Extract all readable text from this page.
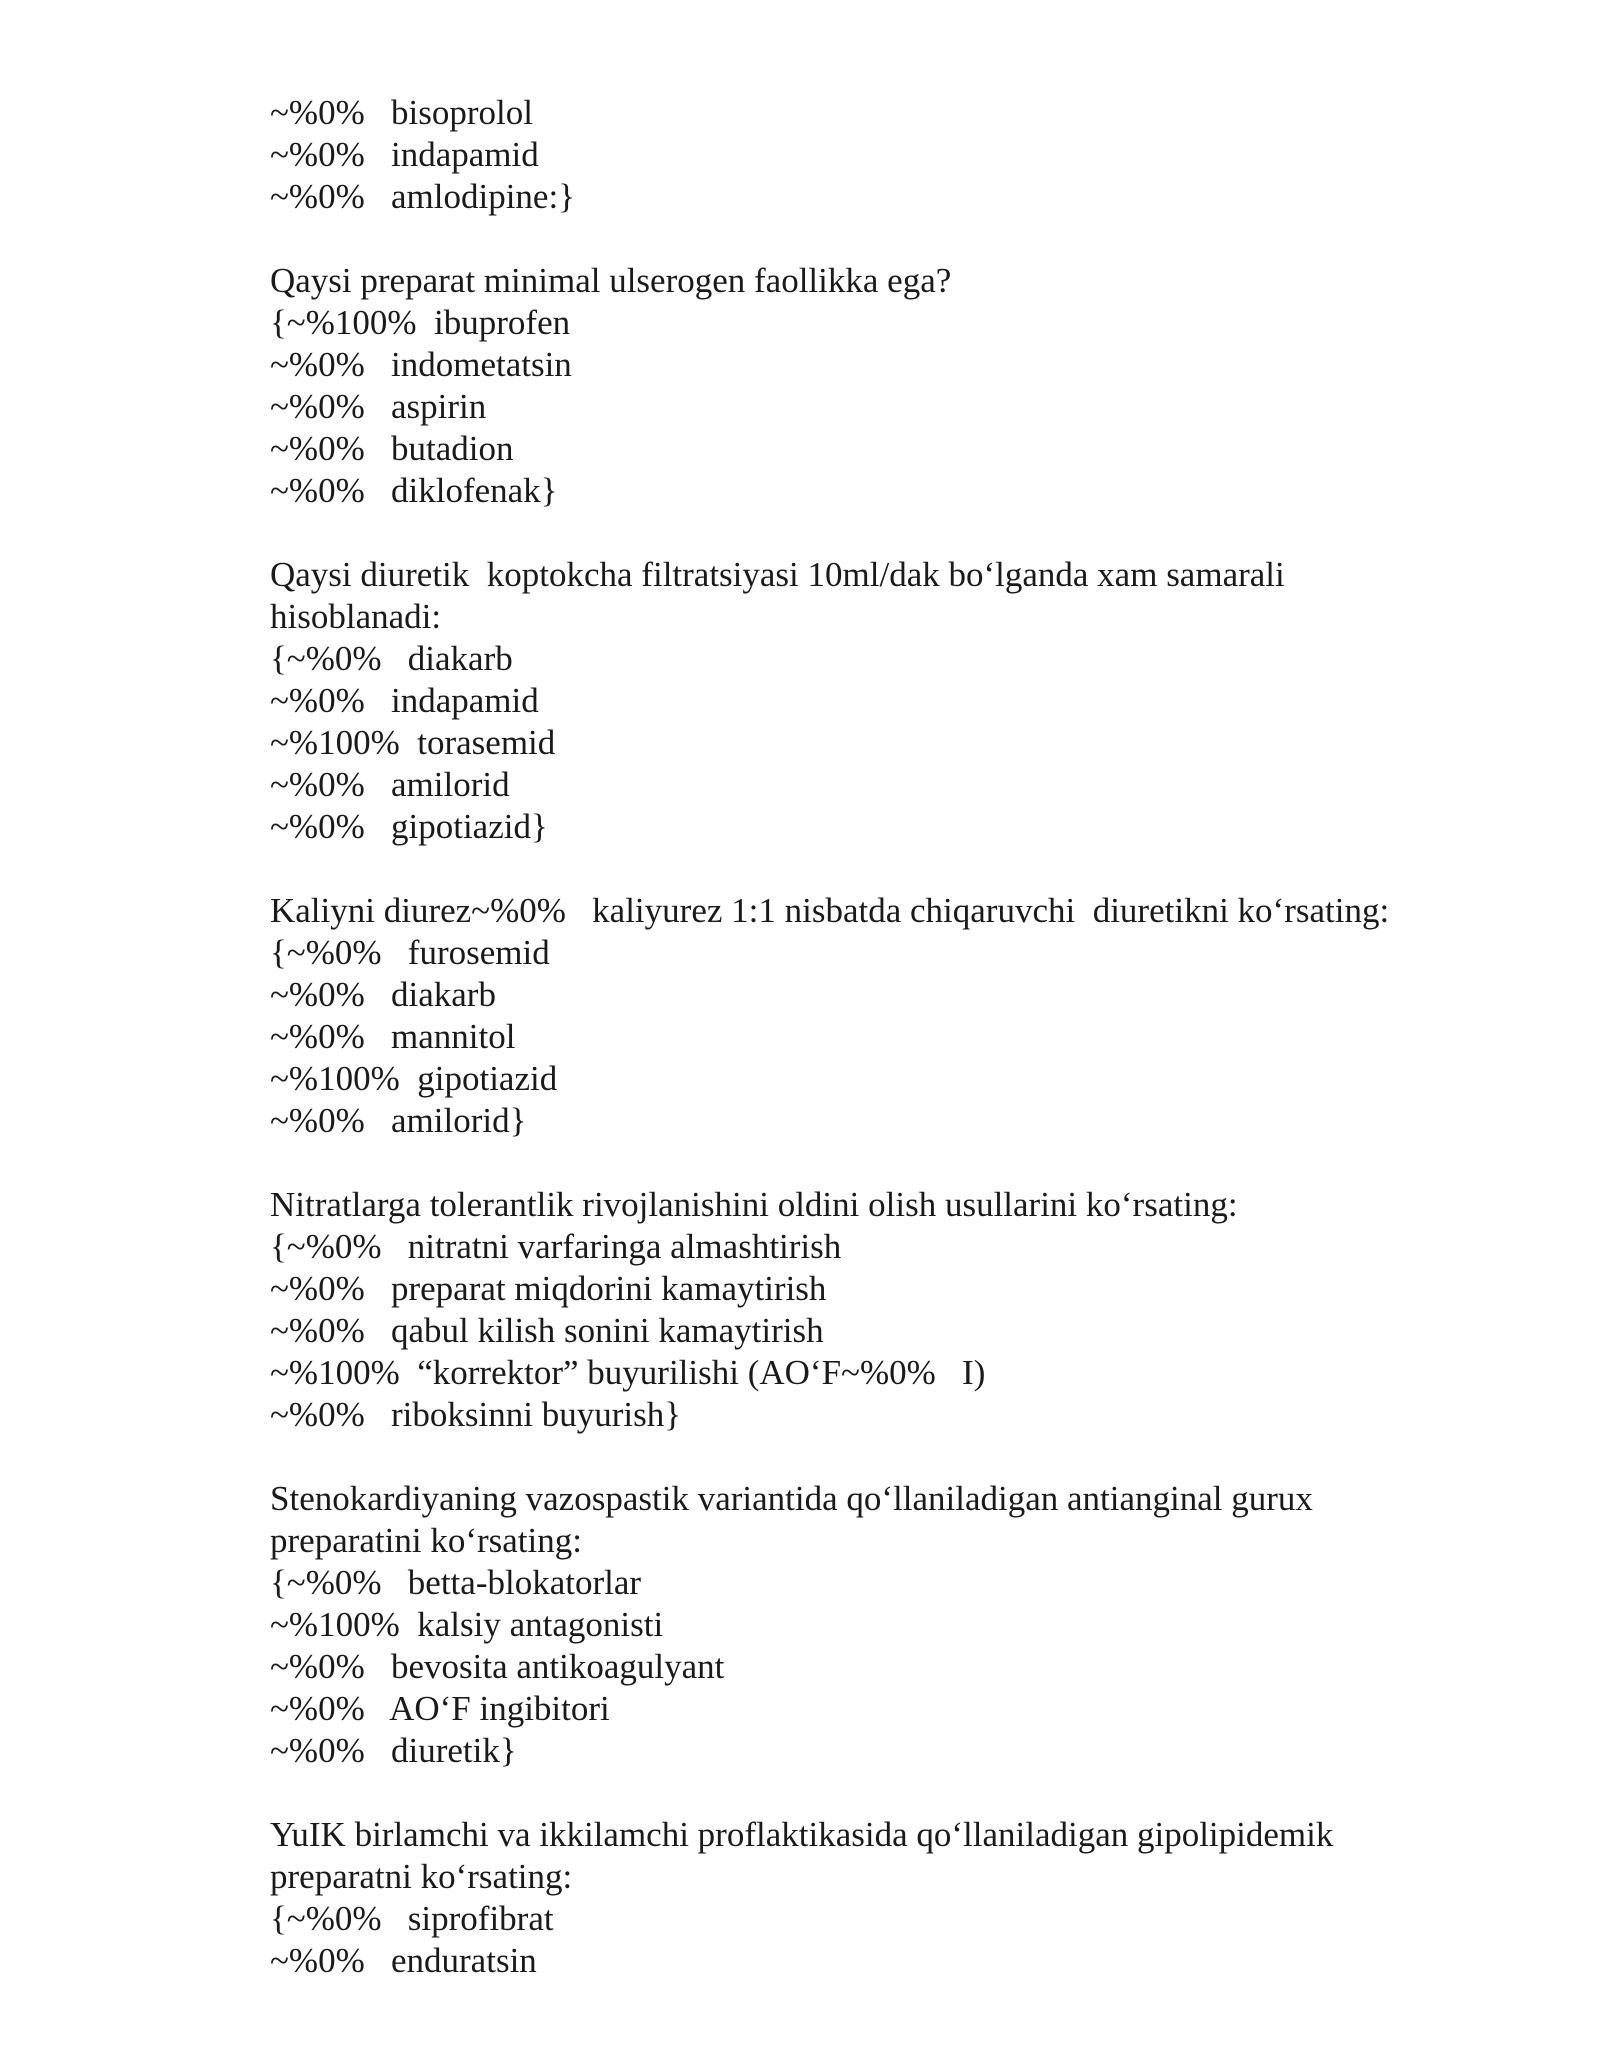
~%0%   bisoprolol

~%0%   indapamid

~%0%   amlodipine:}

Qaysi preparat minimal ulserogen faollikka ega?

{~%100%  ibuprofen

~%0%   indometatsin

~%0%   aspirin

~%0%   butadion

~%0%   diklofenak}

Qaysi diuretik  koptokcha filtratsiyasi 10ml/dak bo‘lganda xam samarali

hisoblanadi:

{~%0%   diakarb

~%0%   indapamid

~%100%  torasemid

~%0%   amilorid

~%0%   gipotiazid}

Kaliyni diurez~%0%   kaliyurez 1:1 nisbatda chiqaruvchi  diuretikni ko‘rsating:

{~%0%   furosemid

~%0%   diakarb

~%0%   mannitol

~%100%  gipotiazid

~%0%   amilorid}

Nitratlarga tolerantlik rivojlanishini oldini olish usullarini ko‘rsating:

{~%0%   nitratni varfaringa almashtirish

~%0%   preparat miqdorini kamaytirish

~%0%   qabul kilish sonini kamaytirish

~%100%  “korrektor” buyurilishi (AO‘F~%0%   I)

~%0%   riboksinni buyurish}

Stenokardiyaning vazospastik variantida qo‘llaniladigan antianginal gurux

preparatini ko‘rsating:

{~%0%   betta-blokatorlar

~%100%  kalsiy antagonisti

~%0%   bevosita antikoagulyant

~%0%   AO‘F ingibitori

~%0%   diuretik}

YuIK birlamchi va ikkilamchi proflaktikasida qo‘llaniladigan gipolipidemik

preparatni ko‘rsating:

{~%0%   siprofibrat

~%0%   enduratsin
